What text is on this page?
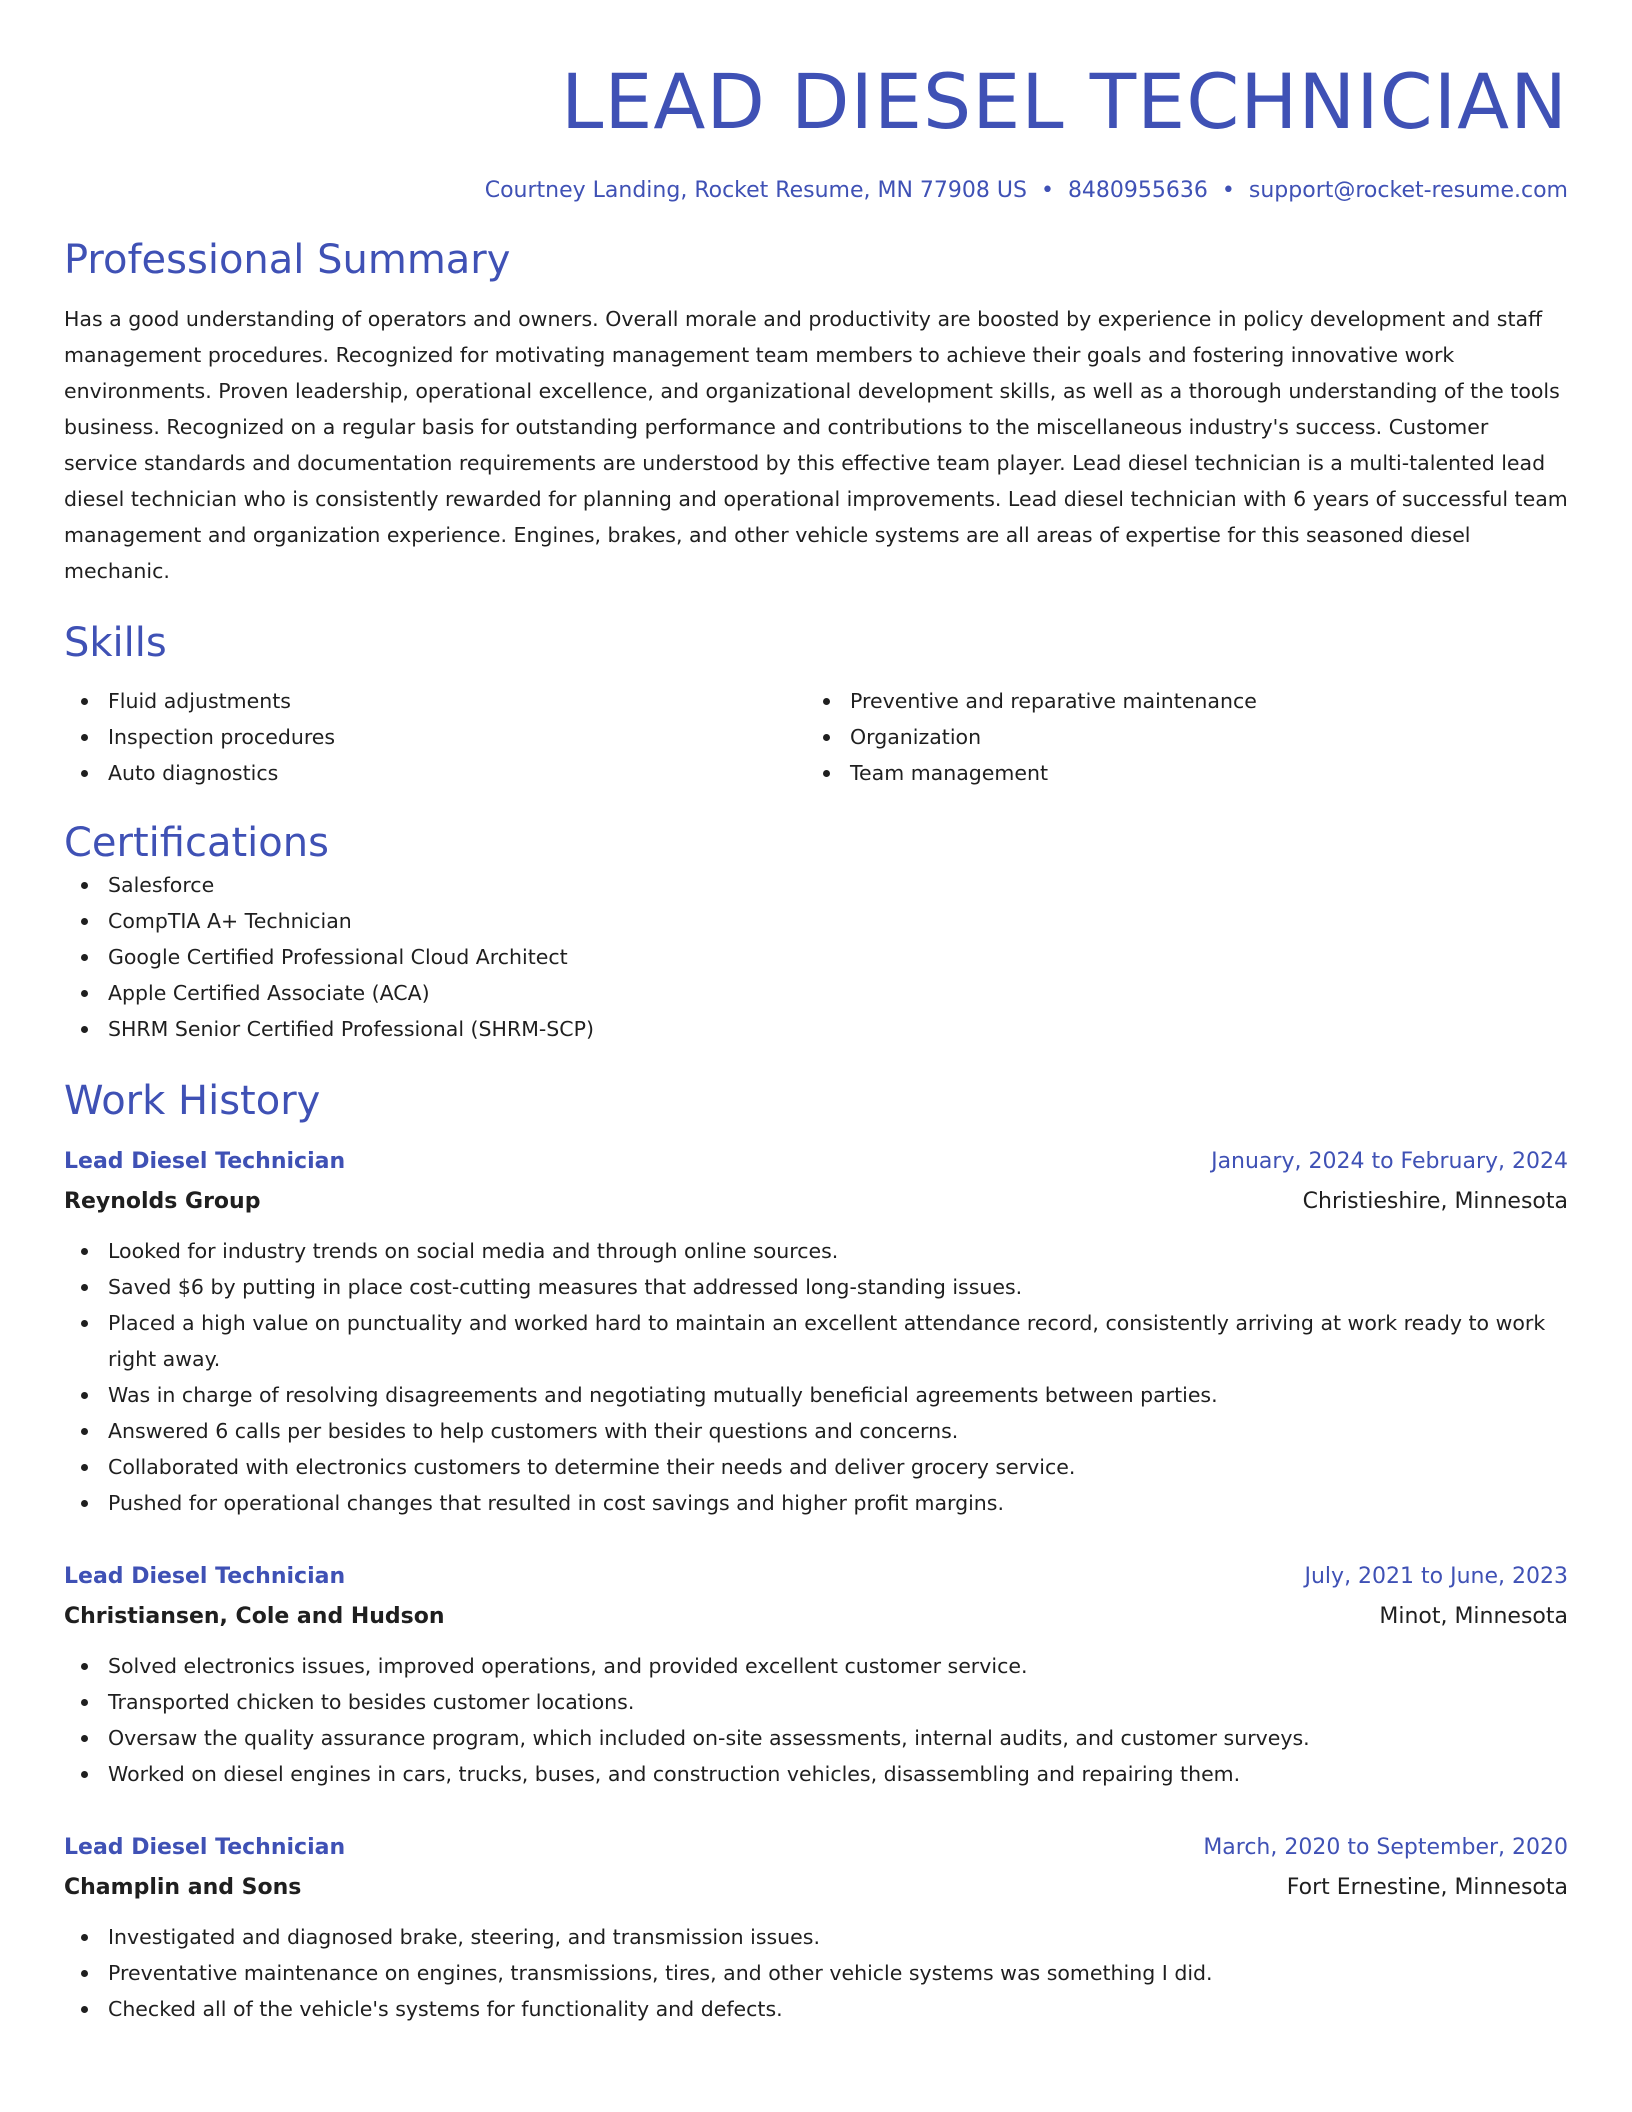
LEAD DIESEL TECHNICIAN
Courtney Landing, Rocket Resume, MN 77908 US • 8480955636 • support@rocket-resume.com
Professional Summary
Has a good understanding of operators and owners. Overall morale and productivity are boosted by experience in policy development and staff management procedures. Recognized for motivating management team members to achieve their goals and fostering innovative work environments. Proven leadership, operational excellence, and organizational development skills, as well as a thorough understanding of the tools business. Recognized on a regular basis for outstanding performance and contributions to the miscellaneous industry's success. Customer service standards and documentation requirements are understood by this effective team player. Lead diesel technician is a multi-talented lead diesel technician who is consistently rewarded for planning and operational improvements. Lead diesel technician with 6 years of successful team management and organization experience. Engines, brakes, and other vehicle systems are all areas of expertise for this seasoned diesel mechanic.
Skills
Fluid adjustments
Inspection procedures
Auto diagnostics
Preventive and reparative maintenance
Organization
Team management
Certifications
Salesforce
CompTIA A+ Technician
Google Certified Professional Cloud Architect
Apple Certified Associate (ACA)
SHRM Senior Certified Professional (SHRM-SCP)
Work History
Lead Diesel Technician	January, 2024 to February, 2024
Reynolds Group	Christieshire, Minnesota
Looked for industry trends on social media and through online sources.
Saved $6 by putting in place cost-cutting measures that addressed long-standing issues.
Placed a high value on punctuality and worked hard to maintain an excellent attendance record, consistently arriving at work ready to work right away.
Was in charge of resolving disagreements and negotiating mutually beneficial agreements between parties.
Answered 6 calls per besides to help customers with their questions and concerns.
Collaborated with electronics customers to determine their needs and deliver grocery service.
Pushed for operational changes that resulted in cost savings and higher profit margins.
Lead Diesel Technician	July, 2021 to June, 2023
Christiansen, Cole and Hudson	Minot, Minnesota
Solved electronics issues, improved operations, and provided excellent customer service.
Transported chicken to besides customer locations.
Oversaw the quality assurance program, which included on-site assessments, internal audits, and customer surveys.
Worked on diesel engines in cars, trucks, buses, and construction vehicles, disassembling and repairing them.
Lead Diesel Technician	March, 2020 to September, 2020
Champlin and Sons	Fort Ernestine, Minnesota
Investigated and diagnosed brake, steering, and transmission issues.
Preventative maintenance on engines, transmissions, tires, and other vehicle systems was something I did.
Checked all of the vehicle's systems for functionality and defects.
